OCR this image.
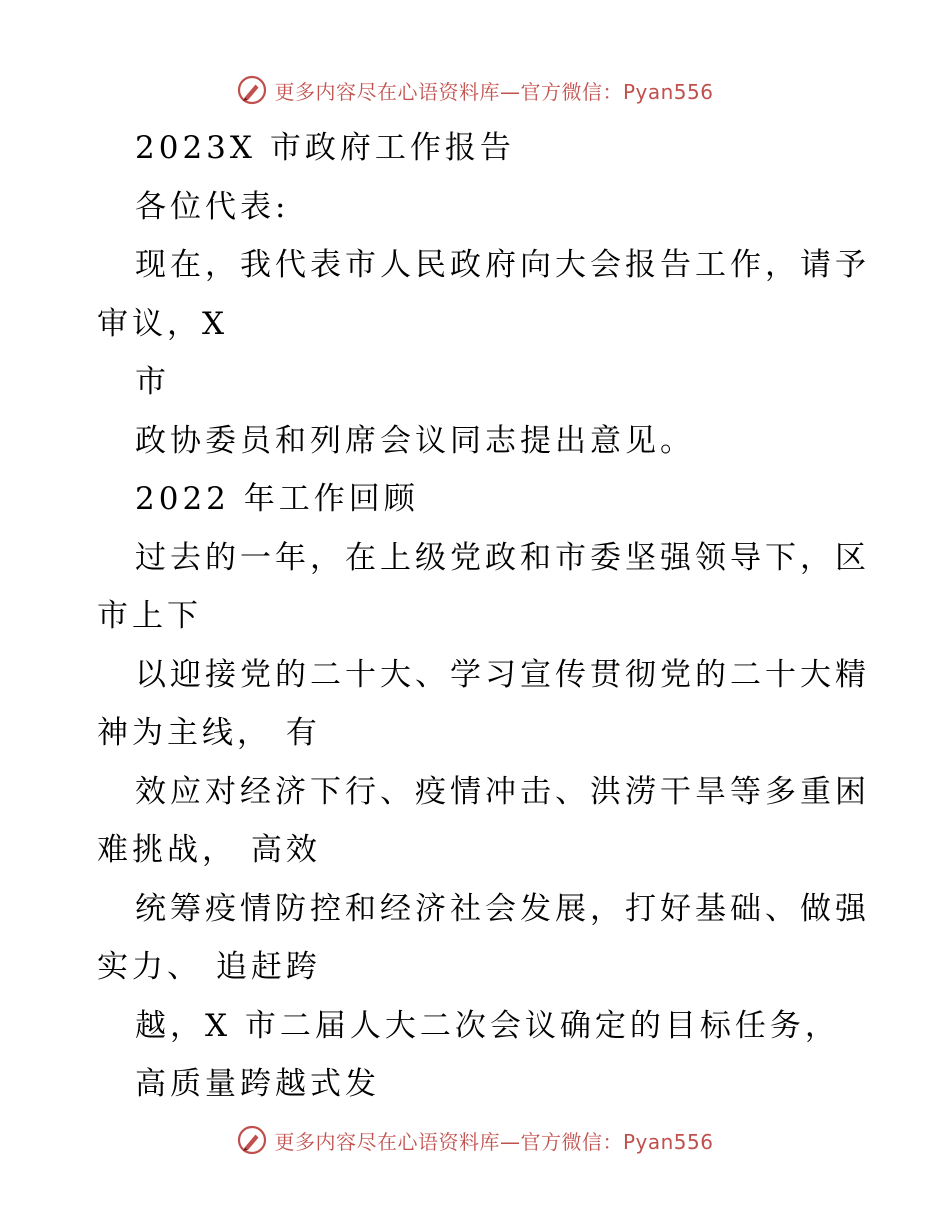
更多内容尽在心语资料库—官方微信：Pyan556
2023X 市政府工作报告
各位代表:
现在，我代表市人民政府向大会报告工作，请予
审议，X
市
政协委员和列席会议同志提出意见。
2022 年工作回顾
过去的一年，在上级党政和市委坚强领导下，区
市上下
以迎接党的二十大、学习宣传贯彻党的二十大精
神为主线， 有
效应对经济下行、疫情冲击、洪涝干旱等多重困
难挑战， 高效
统筹疫情防控和经济社会发展，打好基础、做强
实力、 追赶跨
越，X 市二届人大二次会议确定的目标任务，
高质量跨越式发
更多内容尽在心语资料库—官方微信：Pyan556
